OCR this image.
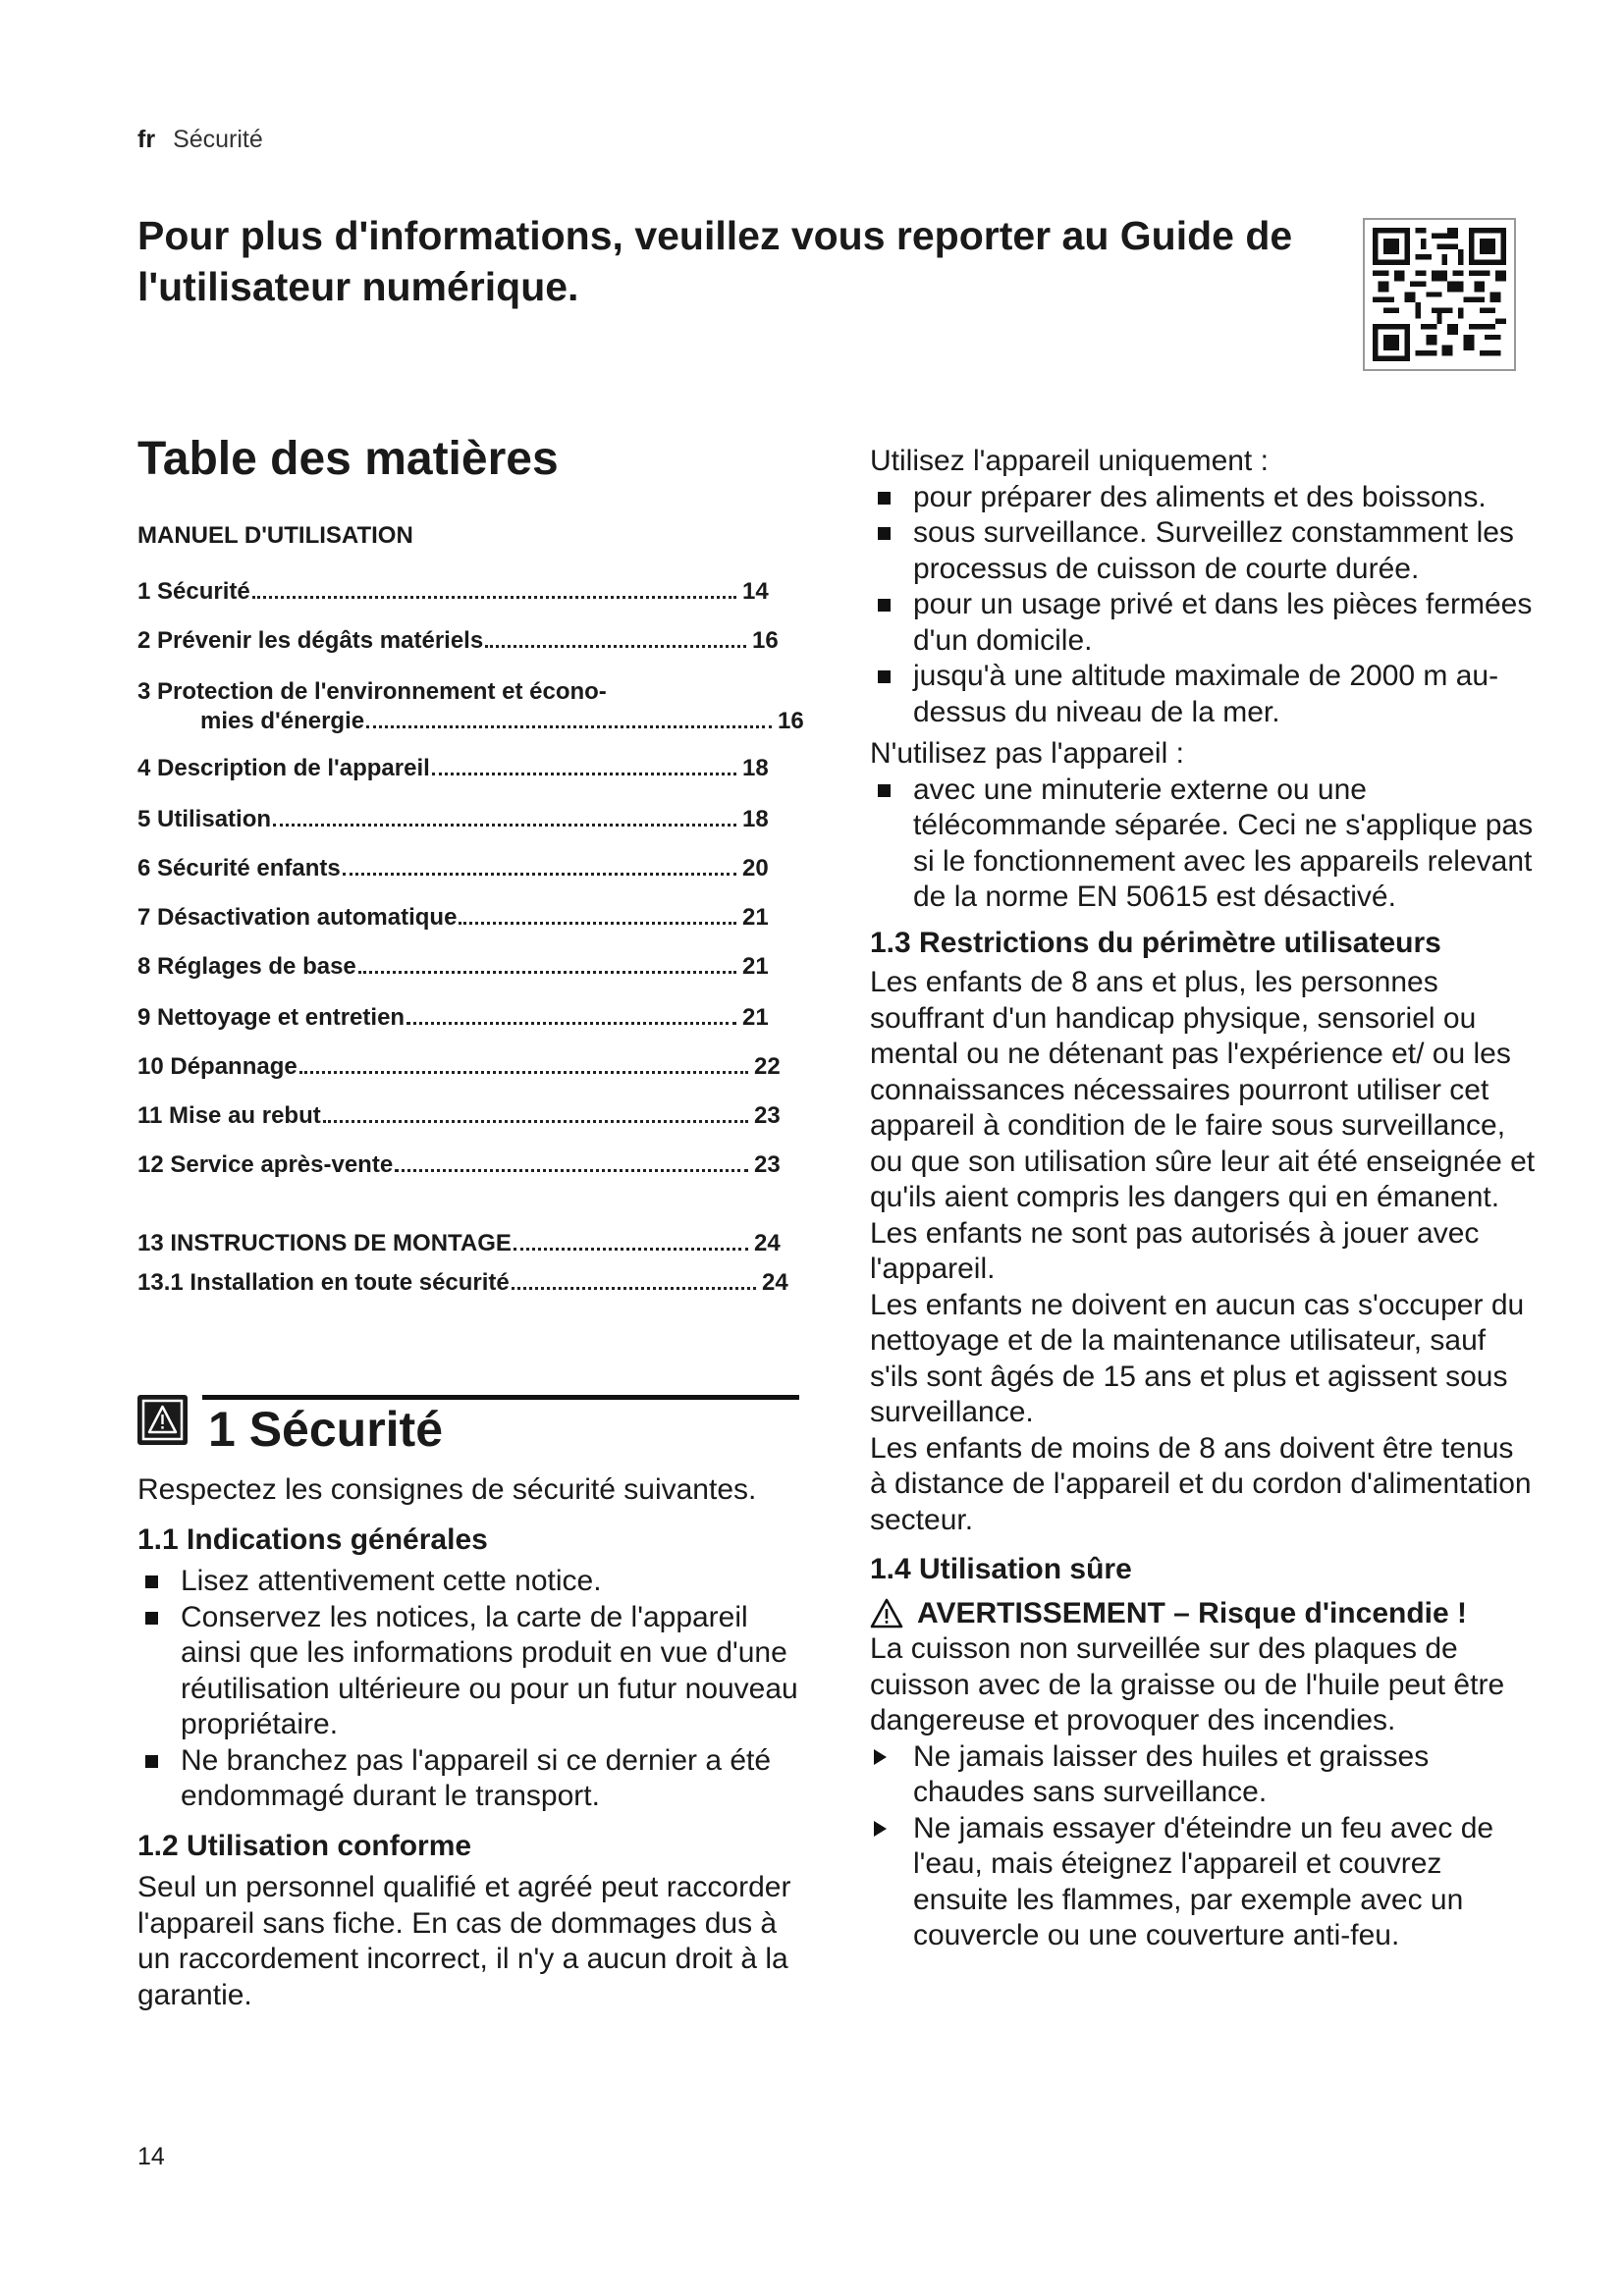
fr Sécurité
Pour plus d'informations, veuillez vous reporter au Guide de l'utilisateur numérique.
Table des matières
MANUEL D'UTILISATION
1 Sécurité	14
2 Prévenir les dégâts matériels	16
3 Protection de l'environnement et écono-
mies d'énergie	16
4 Description de l'appareil	18
5 Utilisation	18
6 Sécurité enfants	20
7 Désactivation automatique	21
8 Réglages de base	21
9 Nettoyage et entretien	21
10 Dépannage	22
11 Mise au rebut	23
12 Service après-vente	23
13 INSTRUCTIONS DE MONTAGE	24
13.1 Installation en toute sécurité	24
1 Sécurité

Respectez les consignes de sécurité suivantes.

1.1 Indications générales

Lisez attentivement cette notice.
Conservez les notices, la carte de l'appareil ainsi que les informations produit en vue d'une réutilisation ultérieure ou pour un futur nouveau propriétaire.
Ne branchez pas l'appareil si ce dernier a été endommagé durant le transport.

1.2 Utilisation conforme

Seul un personnel qualifié et agréé peut raccorder l'appareil sans fiche. En cas de dommages dus à un raccordement incorrect, il n'y a aucun droit à la garantie.

Utilisez l'appareil uniquement :

pour préparer des aliments et des boissons.
sous surveillance. Surveillez constamment les processus de cuisson de courte durée.
pour un usage privé et dans les pièces fermées d'un domicile.
jusqu'à une altitude maximale de 2000 m au-dessus du niveau de la mer.

N'utilisez pas l'appareil :

avec une minuterie externe ou une télécommande séparée. Ceci ne s'applique pas si le fonctionnement avec les appareils relevant de la norme EN 50615 est désactivé.

1.3 Restrictions du périmètre utilisateurs

Les enfants de 8 ans et plus, les personnes souffrant d'un handicap physique, sensoriel ou mental ou ne détenant pas l'expérience et/ ou les connaissances nécessaires pourront utiliser cet appareil à condition de le faire sous surveillance, ou que son utilisation sûre leur ait été enseignée et qu'ils aient compris les dangers qui en émanent.

Les enfants ne sont pas autorisés à jouer avec l'appareil.

Les enfants ne doivent en aucun cas s'occuper du nettoyage et de la maintenance utilisateur, sauf s'ils sont âgés de 15 ans et plus et agissent sous surveillance.

Les enfants de moins de 8 ans doivent être tenus à distance de l'appareil et du cordon d'alimentation secteur.

1.4 Utilisation sûre

AVERTISSEMENT – Risque d'incendie !

La cuisson non surveillée sur des plaques de cuisson avec de la graisse ou de l'huile peut être dangereuse et provoquer des incendies.

Ne jamais laisser des huiles et graisses chaudes sans surveillance.
Ne jamais essayer d'éteindre un feu avec de l'eau, mais éteignez l'appareil et couvrez ensuite les flammes, par exemple avec un couvercle ou une couverture anti-feu.
14
